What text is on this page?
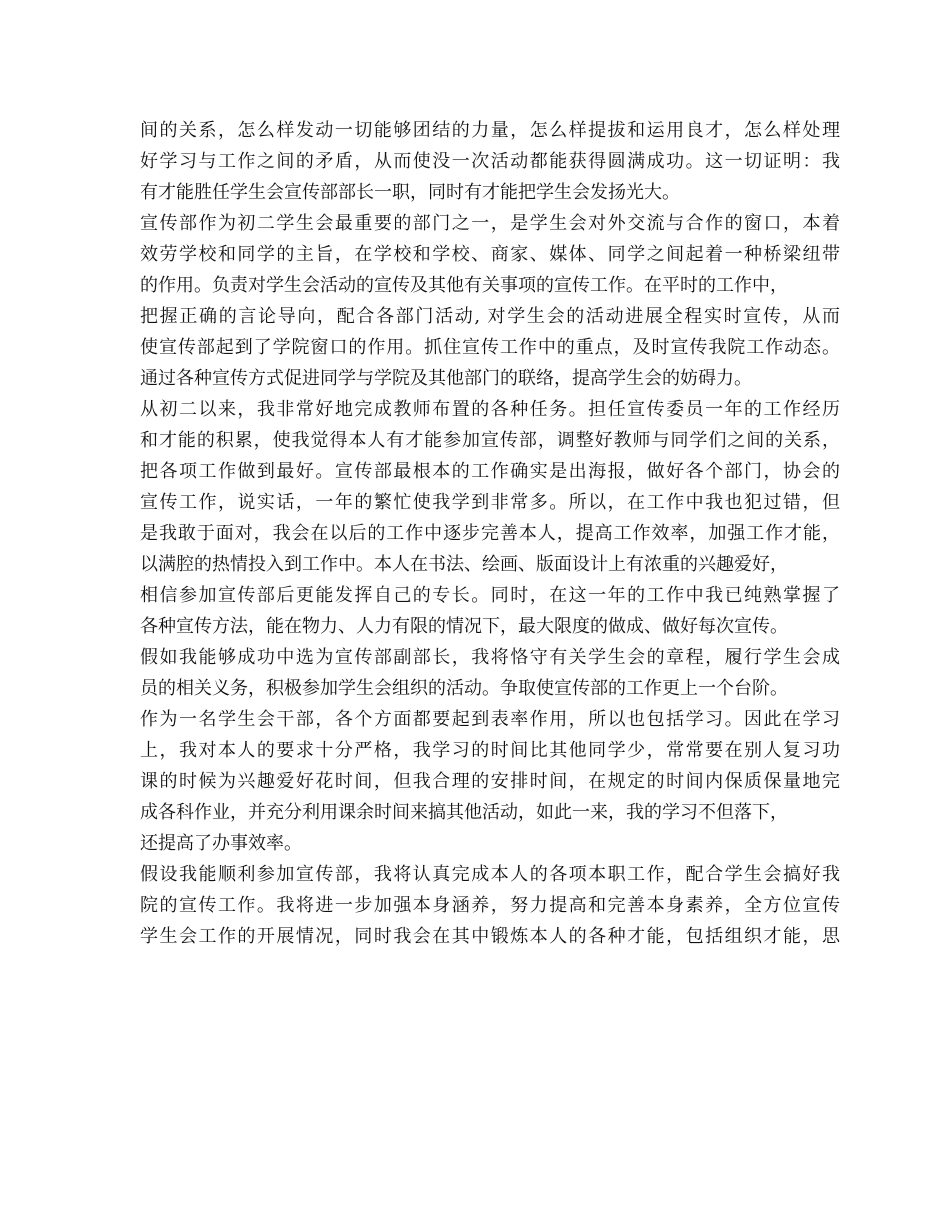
间的关系，怎么样发动一切能够团结的力量，怎么样提拔和运用良才，怎么样处理
好学习与工作之间的矛盾，从而使没一次活动都能获得圆满成功。这一切证明：我
有才能胜任学生会宣传部部长一职，同时有才能把学生会发扬光大。
宣传部作为初二学生会最重要的部门之一，是学生会对外交流与合作的窗口，本着
效劳学校和同学的主旨，在学校和学校、商家、媒体、同学之间起着一种桥梁纽带
的作用。负责对学生会活动的宣传及其他有关事项的宣传工作。在平时的工作中，
把握正确的言论导向，配合各部门活动, 对学生会的活动进展全程实时宣传，从而
使宣传部起到了学院窗口的作用。抓住宣传工作中的重点，及时宣传我院工作动态。
通过各种宣传方式促进同学与学院及其他部门的联络，提高学生会的妨碍力。
从初二以来，我非常好地完成教师布置的各种任务。担任宣传委员一年的工作经历
和才能的积累，使我觉得本人有才能参加宣传部，调整好教师与同学们之间的关系，
把各项工作做到最好。宣传部最根本的工作确实是出海报，做好各个部门，协会的
宣传工作，说实话，一年的繁忙使我学到非常多。所以，在工作中我也犯过错，但
是我敢于面对，我会在以后的工作中逐步完善本人，提高工作效率，加强工作才能，
以满腔的热情投入到工作中。本人在书法、绘画、版面设计上有浓重的兴趣爱好，
相信参加宣传部后更能发挥自己的专长。同时，在这一年的工作中我已纯熟掌握了
各种宣传方法，能在物力、人力有限的情况下，最大限度的做成、做好每次宣传。
假如我能够成功中选为宣传部副部长，我将恪守有关学生会的章程，履行学生会成
员的相关义务，积极参加学生会组织的活动。争取使宣传部的工作更上一个台阶。
作为一名学生会干部，各个方面都要起到表率作用，所以也包括学习。因此在学习
上，我对本人的要求十分严格，我学习的时间比其他同学少，常常要在别人复习功
课的时候为兴趣爱好花时间，但我合理的安排时间，在规定的时间内保质保量地完
成各科作业，并充分利用课余时间来搞其他活动，如此一来，我的学习不但落下，
还提高了办事效率。
假设我能顺利参加宣传部，我将认真完成本人的各项本职工作，配合学生会搞好我
院的宣传工作。我将进一步加强本身涵养，努力提高和完善本身素养，全方位宣传
学生会工作的开展情况，同时我会在其中锻炼本人的各种才能，包括组织才能，思
